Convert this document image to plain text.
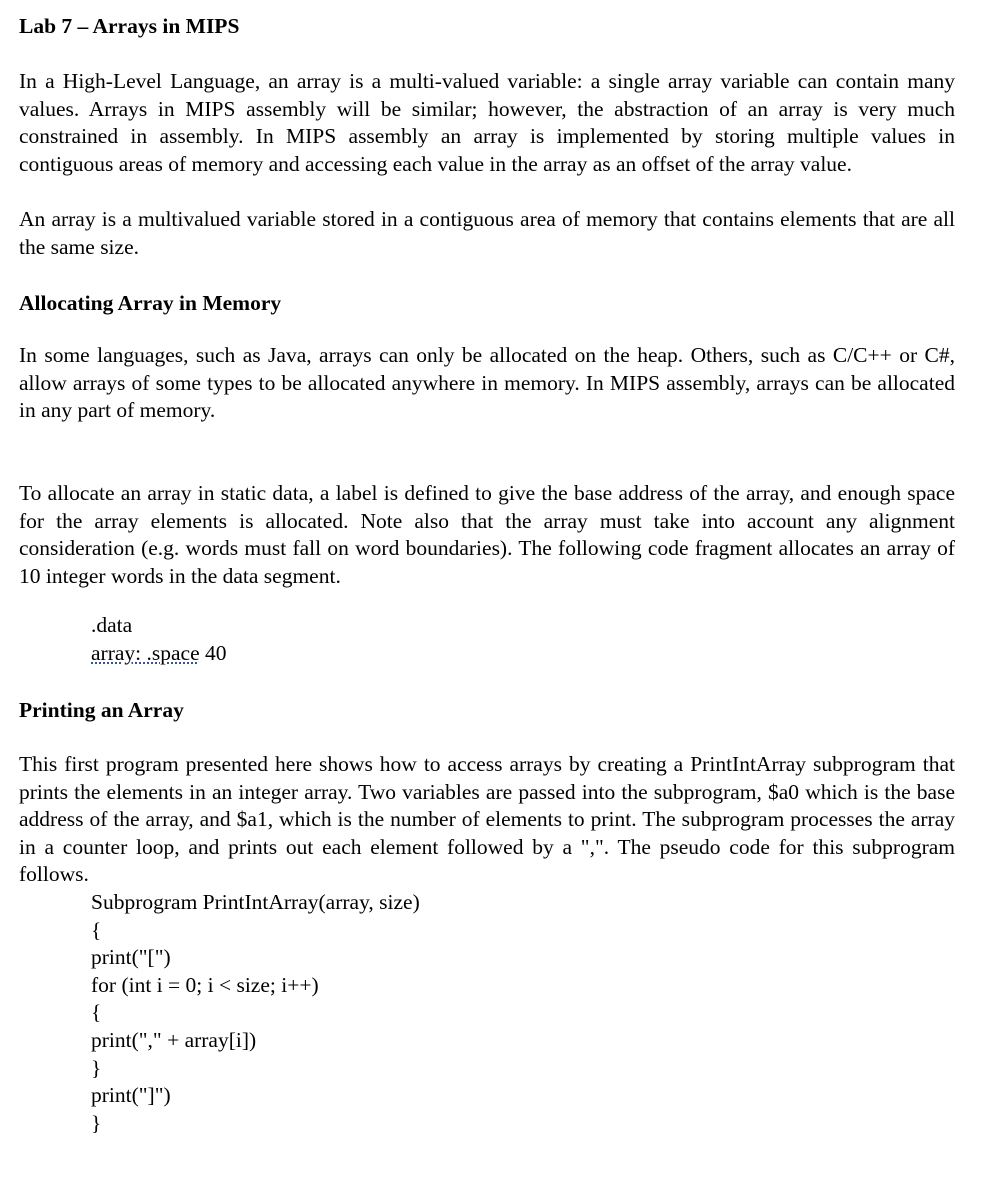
Lab 7 – Arrays in MIPS

In a High-Level Language, an array is a multi-valued variable: a single array variable can contain many values. Arrays in MIPS assembly will be similar; however, the abstraction of an array is very much constrained in assembly. In MIPS assembly an array is implemented by storing multiple values in contiguous areas of memory and accessing each value in the array as an offset of the array value.

An array is a multivalued variable stored in a contiguous area of memory that contains elements that are all the same size.

Allocating Array in Memory

In some languages, such as Java, arrays can only be allocated on the heap. Others, such as C/C++ or C#, allow arrays of some types to be allocated anywhere in memory. In MIPS assembly, arrays can be allocated in any part of memory.

To allocate an array in static data, a label is defined to give the base address of the array, and enough space for the array elements is allocated. Note also that the array must take into account any alignment consideration (e.g. words must fall on word boundaries). The following code fragment allocates an array of 10 integer words in the data segment.

.data
array: .space 40
Printing an Array

This first program presented here shows how to access arrays by creating a PrintIntArray subprogram that prints the elements in an integer array. Two variables are passed into the subprogram, $a0 which is the base address of the array, and $a1, which is the number of elements to print. The subprogram processes the array in a counter loop, and prints out each element followed by a ",". The pseudo code for this subprogram follows.

Subprogram PrintIntArray(array, size)
{
print("[")
for (int i = 0; i < size; i++)
{
print("," + array[i])
}
print("]")
}
